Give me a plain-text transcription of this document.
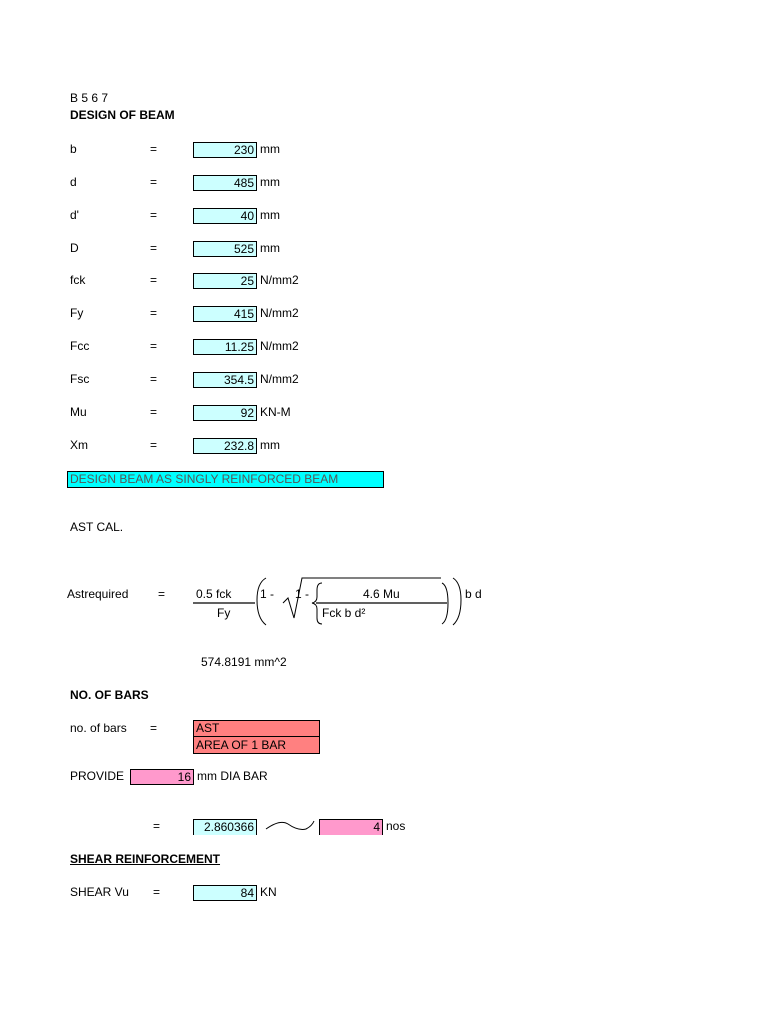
B 5 6 7
DESIGN OF BEAM
b	=	230 mm
d	=	485 mm
d'	=	40 mm
D	=	525 mm
fck	=	25 N/mm2
Fy	=	415 N/mm2
Fcc	=	11.25 N/mm2
Fsc	=	354.5 N/mm2
Mu	=	92 KN-M
Xm	=	232.8 mm
DESIGN BEAM AS SINGLY REINFORCED BEAM
AST CAL.
Astrequired =	0.5 fck
Fy
1 - 1 -	4.6 Mu
Fck b d²
b d
574.8191 mm^2
NO. OF BARS
no. of bars =	AST
AREA OF 1 BAR
PROVIDE	16 mm DIA BAR
=	2.860366	4 nos
SHEAR REINFORCEMENT
SHEAR Vu =	84 KN
